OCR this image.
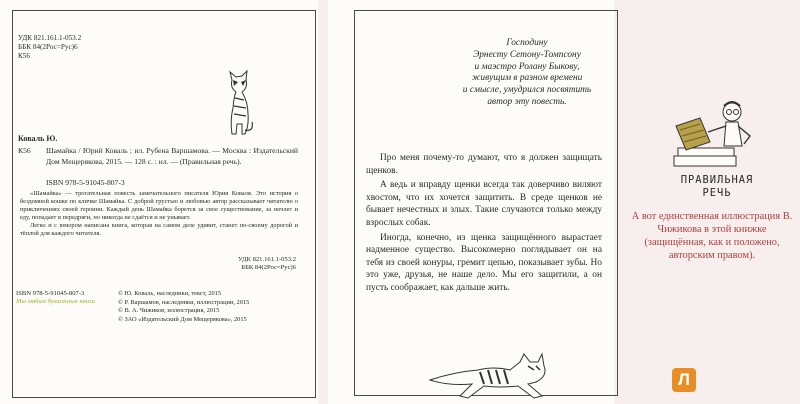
УДК 821.161.1-053.2
ББК 84(2Рос=Рус)6
К56
Коваль Ю.
К56 Шамайка / Юрий Коваль ; ил. Рубена Варшамова. — Москва : Издательский Дом Мещерякова, 2015. — 128 с. : ил. — (Правильная речь).
ISBN 978-5-91045-807-3

«Шамайка» — трогательная повесть замечательного писателя Юрия Коваля. Это история о бездомной кошке по кличке Шамайка. С доброй грустью и любовью автор рассказывает читателю о приключениях своей героини. Каждый день Шамайка борется за свое существование, за ночлег и еду, попадает в передряги, но никогда не сдаётся и не унывает.

Легко и с юмором написана книга, которая на самом деле удивит, станет по-своему дорогой и тёплой для каждого читателя.

УДК 821.161.1-053.2
ББК 84(2Рос=Рус)6
ISBN 978-5-91045-807-3
Мы любим бумажные книги
© Ю. Коваль, наследники, текст, 2015
© Р. Варшамов, наследники, иллюстрации, 2015
© В. А. Чижиков, иллюстрация, 2015
© ЗАО «Издательский Дом Мещерякова», 2015
Господину
Эрнесту Сетону-Томпсону
и маэстро Ролану Быкову,
живущим в разном времени
и смысле, умудрился посвятить
автор эту повесть.

Про меня почему-то думают, что я должен защищать щенков.

А ведь и вправду щенки всегда так доверчиво виляют хвостом, что их хочется защитить. В среде щенков не бывает нечестных и злых. Такие случаются только между взрослых собак.

Иногда, конечно, из щенка защищённого вырастает надменное существо. Высокомерно поглядывает он на тебя из своей конуры, гремит цепью, показывает зубы. Но это уже, друзья, не наше дело. Мы его защитили, а он пусть соображает, как дальше жить.

ПРАВИЛЬНАЯ
РЕЧЬ
А вот единственная иллюстрация В. Чижикова в этой книжке (защищённая, как и положено, авторским правом).
Л
